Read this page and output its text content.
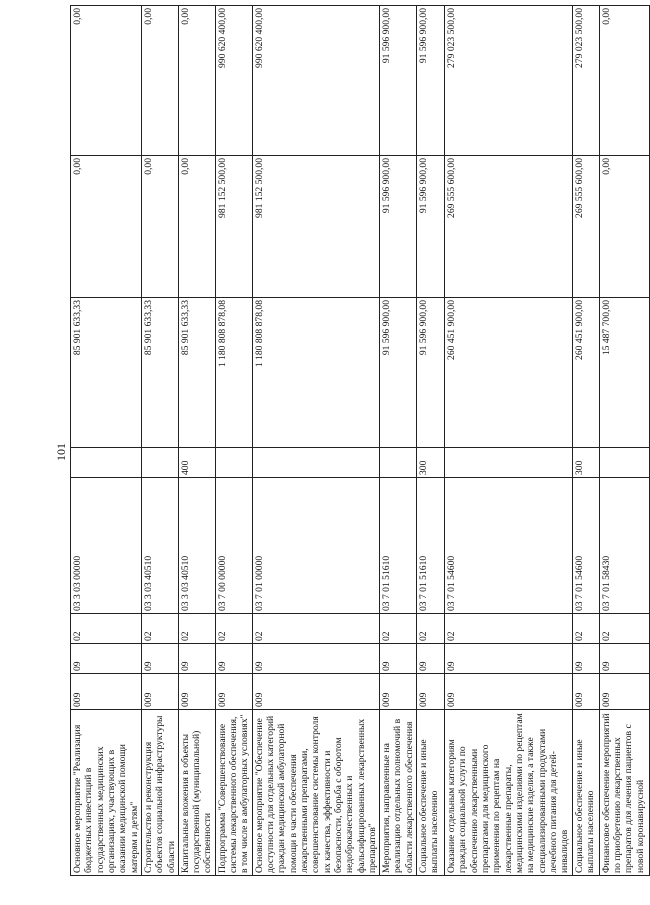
101
Основное мероприятие "Реализация бюджетных инвестиций в государственных медицинских организациях, участвующих в оказании медицинской помощи матерям и детям"	009	09	02	03 3 03 00000		85 901 633,33	0,00	0,00
Строительство и реконструкция объектов социальной инфраструктуры области	009	09	02	03 3 03 40510		85 901 633,33	0,00	0,00
Капитальные вложения в объекты государственной (муниципальной) собственности	009	09	02	03 3 03 40510	400	85 901 633,33	0,00	0,00
Подпрограмма "Совершенствование системы лекарственного обеспечения, в том числе в амбулаторных условиях"	009	09	02	03 7 00 00000		1 180 808 878,08	981 152 500,00	990 620 400,00
Основное мероприятие "Обеспечение доступности для отдельных категорий граждан медицинской амбулаторной помощи в части обеспечения лекарственными препаратами, совершенствование системы контроля их качества, эффективности и безопасности, борьба с оборотом недоброкачественных и фальсифицированных лекарственных препаратов"	009	09	02	03 7 01 00000		1 180 808 878,08	981 152 500,00	990 620 400,00
Мероприятия, направленные на реализацию отдельных полномочий в области лекарственного обеспечения	009	09	02	03 7 01 51610		91 596 900,00	91 596 900,00	91 596 900,00
Социальное обеспечение и иные выплаты населению	009	09	02	03 7 01 51610	300	91 596 900,00	91 596 900,00	91 596 900,00
Оказание отдельным категориям граждан социальной услуги по обеспечению лекарственными препаратами для медицинского применения по рецептам на лекарственные препараты, медицинскими изделиями по рецептам на медицинские изделия, а также специализированными продуктами лечебного питания для детей-инвалидов	009	09	02	03 7 01 54600		260 451 900,00	269 555 600,00	279 023 500,00
Социальное обеспечение и иные выплаты населению	009	09	02	03 7 01 54600	300	260 451 900,00	269 555 600,00	279 023 500,00
Финансовое обеспечение мероприятий по приобретению лекарственных препаратов для лечения пациентов с новой коронавирусной	009	09	02	03 7 01 58430		15 487 700,00	0,00	0,00
